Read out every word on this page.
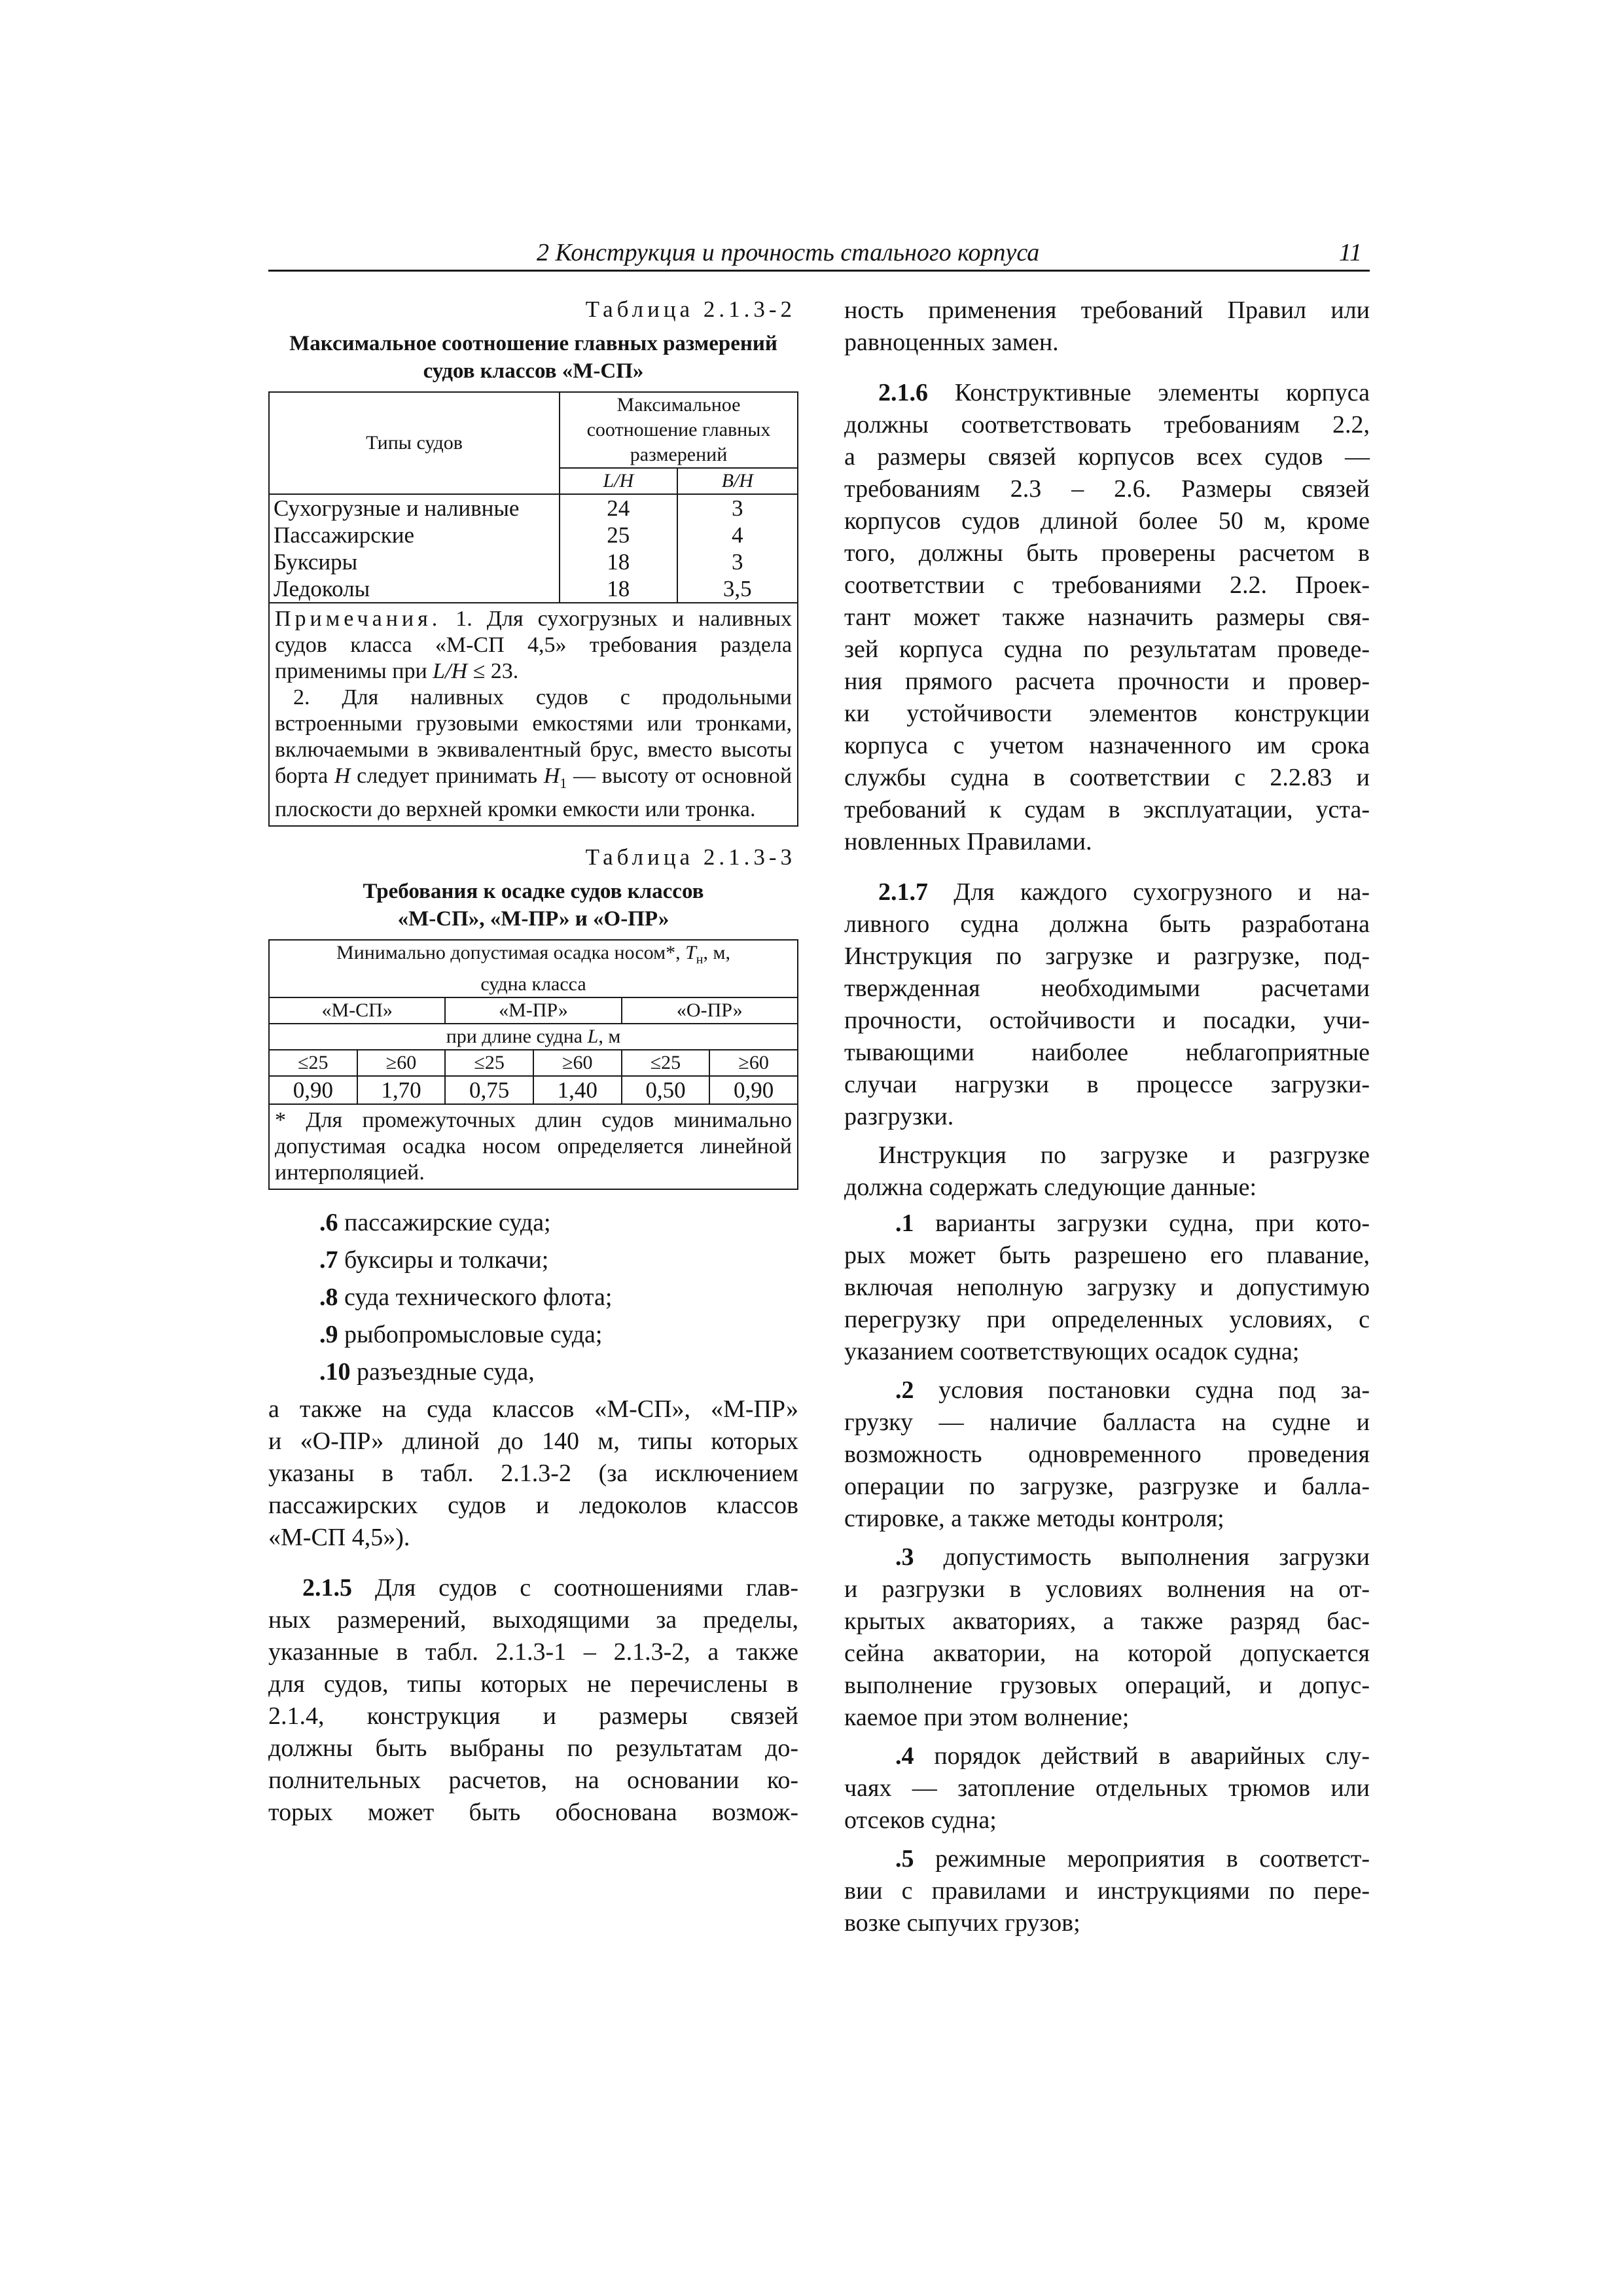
2 Конструкция и прочность стального корпуса	11
Таблица 2.1.3-2
Максимальное соотношение главных размерений
судов классов «М-СП»
Типы судов	Максимальное
соотношение главных
размерений	

	L/H	B/H
Сухогрузные и наливные	24	3
Пассажирские	25	4
Буксиры	18	3
Ледоколы	18	3,5

Примечания. 1. Для сухогрузных и наливных судов класса «М-СП 4,5» требования раздела применимы при L/H ≤ 23.

2. Для наливных судов с продольными встроенными грузовыми емкостями или тронками, включаемыми в эквивалентный брус, вместо высоты борта H следует принимать $H_1$ — высоту от основной плоскости до верхней кромки емкости или тронка.		

Таблица 2.1.3-3
Требования к осадке судов классов
«М-СП», «М-ПР» и «О-ПР»
Минимально допустимая осадка носом*, $T_н$, м,
судна класса					

«М-СП»		«М-ПР»		«О-ПР»	
при длине судна L, м					
≤25	≥60	≤25	≥60	≤25	≥60
0,90	1,70	0,75	1,40	0,50	0,90
* Для промежуточных длин судов минимально допустимая осадка носом определяется линейной интерполяцией.					

.6 пассажирские суда;

.7 буксиры и толкачи;

.8 суда технического флота;

.9 рыбопромысловые суда;

.10 разъездные суда,

а также на суда классов «М-СП», «М-ПР»
и «О-ПР» длиной до 140 м, типы которых
указаны в табл. 2.1.3-2 (за исключением
пассажирских судов и ледоколов классов
«М-СП 4,5»).
2.1.5 Для судов с соотношениями глав-
ных размерений, выходящими за пределы,
указанные в табл. 2.1.3-1 – 2.1.3-2, а также
для судов, типы которых не перечислены в
2.1.4, конструкция и размеры связей
должны быть выбраны по результатам до-
полнительных расчетов, на основании ко-
торых может быть обоснована возмож-
ность применения требований Правил или
равноценных замен.
2.1.6 Конструктивные элементы корпуса
должны соответствовать требованиям 2.2,
а размеры связей корпусов всех судов —
требованиям 2.3 – 2.6. Размеры связей
корпусов судов длиной более 50 м, кроме
того, должны быть проверены расчетом в
соответствии с требованиями 2.2. Проек-
тант может также назначить размеры свя-
зей корпуса судна по результатам проведе-
ния прямого расчета прочности и провер-
ки устойчивости элементов конструкции
корпуса с учетом назначенного им срока
службы судна в соответствии с 2.2.83 и
требований к судам в эксплуатации, уста-
новленных Правилами.
2.1.7 Для каждого сухогрузного и на-
ливного судна должна быть разработана
Инструкция по загрузке и разгрузке, под-
твержденная необходимыми расчетами
прочности, остойчивости и посадки, учи-
тывающими наиболее неблагоприятные
случаи нагрузки в процессе загрузки-
разгрузки.
Инструкция по загрузке и разгрузке
должна содержать следующие данные:
.1 варианты загрузки судна, при кото-
рых может быть разрешено его плавание,
включая неполную загрузку и допустимую
перегрузку при определенных условиях, с
указанием соответствующих осадок судна;
.2 условия постановки судна под за-
грузку — наличие балласта на судне и
возможность одновременного проведения
операции по загрузке, разгрузке и балла-
стировке, а также методы контроля;
.3 допустимость выполнения загрузки
и разгрузки в условиях волнения на от-
крытых акваториях, а также разряд бас-
сейна акватории, на которой допускается
выполнение грузовых операций, и допус-
каемое при этом волнение;
.4 порядок действий в аварийных слу-
чаях — затопление отдельных трюмов или
отсеков судна;
.5 режимные мероприятия в соответст-
вии с правилами и инструкциями по пере-
возке сыпучих грузов;
